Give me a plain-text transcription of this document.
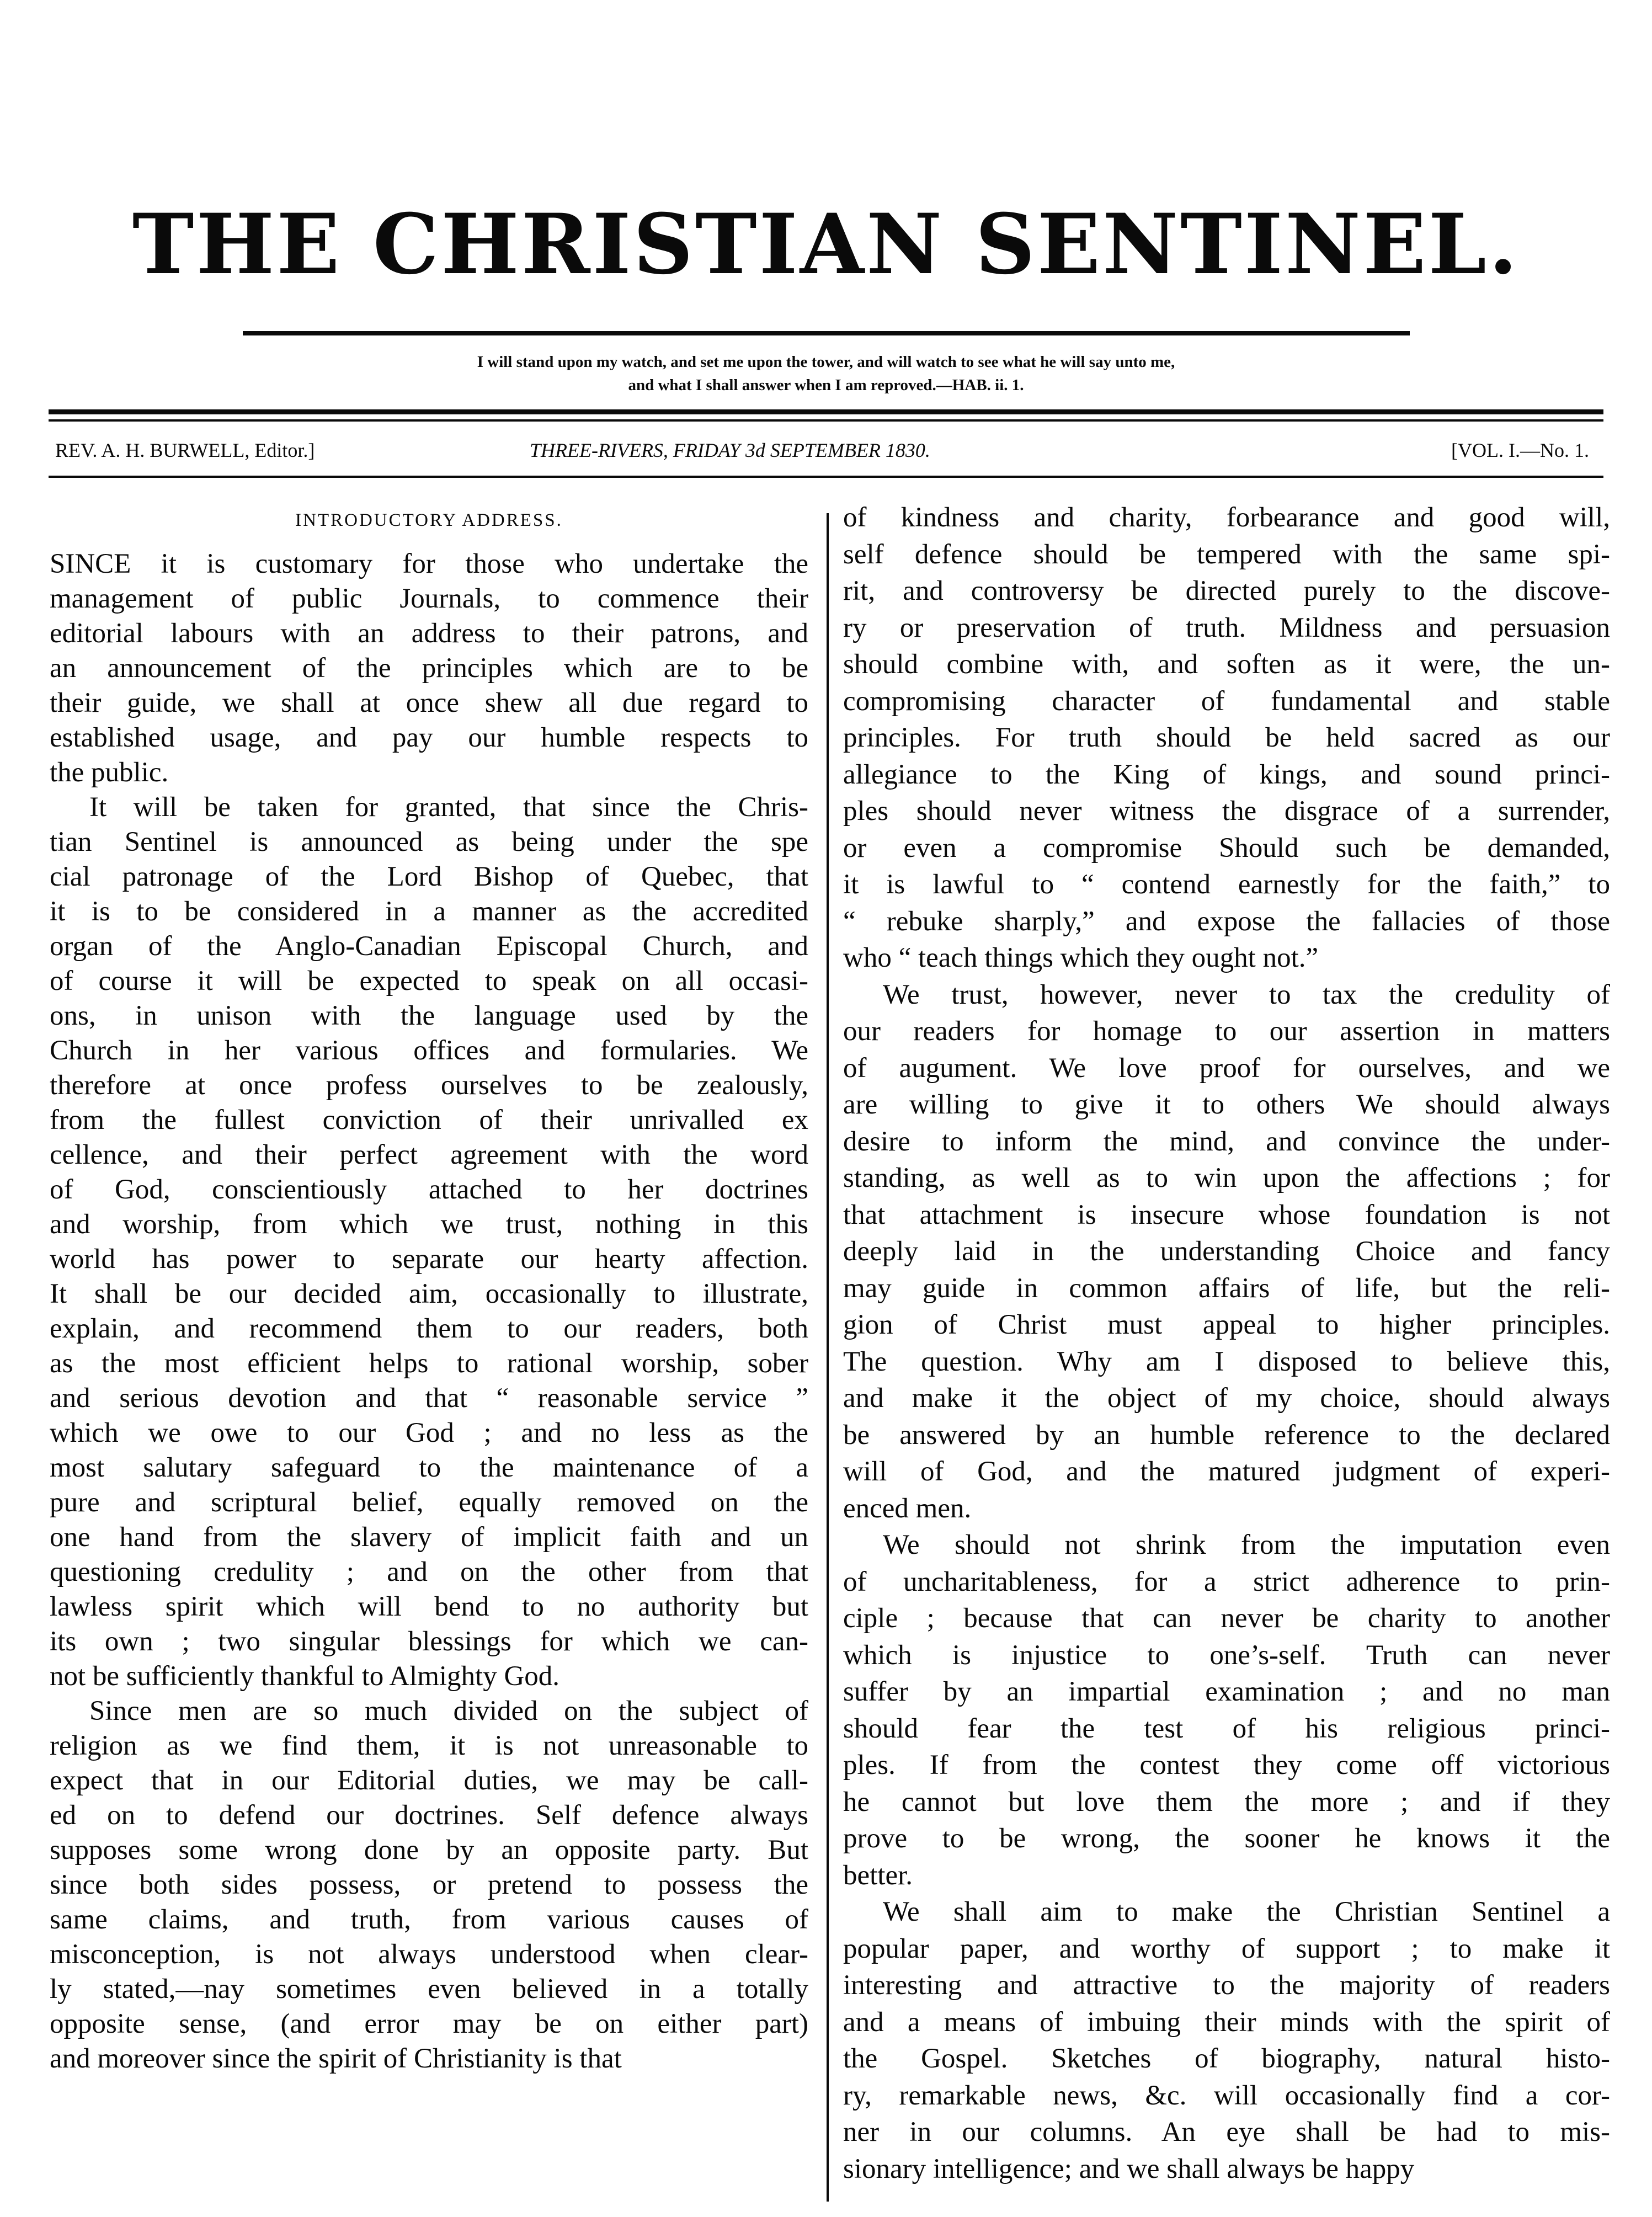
THE CHRISTIAN SENTINEL.
I will stand upon my watch, and set me upon the tower, and will watch to see what he will say unto me,
and what I shall answer when I am reproved.—HAB. ii. 1.
REV. A. H. BURWELL, Editor.]	THREE-RIVERS, FRIDAY 3d SEPTEMBER 1830.	[VOL. I.—No. 1.
INTRODUCTORY ADDRESS.
SINCE it is customary for those who undertake the
management of public Journals, to commence their
editorial labours with an address to their patrons, and
an announcement of the principles which are to be
their guide, we shall at once shew all due regard to
established usage, and pay our humble respects to
the public.
It will be taken for granted, that since the Chris-
tian Sentinel is announced as being under the spe
cial patronage of the Lord Bishop of Quebec, that
it is to be considered in a manner as the accredited
organ of the Anglo-Canadian Episcopal Church, and
of course it will be expected to speak on all occasi-
ons, in unison with the language used by the
Church in her various offices and formularies. We
therefore at once profess ourselves to be zealously,
from the fullest conviction of their unrivalled ex
cellence, and their perfect agreement with the word
of God, conscientiously attached to her doctrines
and worship, from which we trust, nothing in this
world has power to separate our hearty affection.
It shall be our decided aim, occasionally to illustrate,
explain, and recommend them to our readers, both
as the most efficient helps to rational worship, sober
and serious devotion and that “ reasonable service ”
which we owe to our God ; and no less as the
most salutary safeguard to the maintenance of a
pure and scriptural belief, equally removed on the
one hand from the slavery of implicit faith and un
questioning credulity ; and on the other from that
lawless spirit which will bend to no authority but
its own ; two singular blessings for which we can-
not be sufficiently thankful to Almighty God.
Since men are so much divided on the subject of
religion as we find them, it is not unreasonable to
expect that in our Editorial duties, we may be call-
ed on to defend our doctrines. Self defence always
supposes some wrong done by an opposite party. But
since both sides possess, or pretend to possess the
same claims, and truth, from various causes of
misconception, is not always understood when clear-
ly stated,—nay sometimes even believed in a totally
opposite sense, (and error may be on either part)
and moreover since the spirit of Christianity is that
of kindness and charity, forbearance and good will,
self defence should be tempered with the same spi-
rit, and controversy be directed purely to the discove-
ry or preservation of truth. Mildness and persuasion
should combine with, and soften as it were, the un-
compromising character of fundamental and stable
principles. For truth should be held sacred as our
allegiance to the King of kings, and sound princi-
ples should never witness the disgrace of a surrender,
or even a compromise Should such be demanded,
it is lawful to “ contend earnestly for the faith,” to
“ rebuke sharply,” and expose the fallacies of those
who “ teach things which they ought not.”
We trust, however, never to tax the credulity of
our readers for homage to our assertion in matters
of augument. We love proof for ourselves, and we
are willing to give it to others We should always
desire to inform the mind, and convince the under-
standing, as well as to win upon the affections ; for
that attachment is insecure whose foundation is not
deeply laid in the understanding Choice and fancy
may guide in common affairs of life, but the reli-
gion of Christ must appeal to higher principles.
The question. Why am I disposed to believe this,
and make it the object of my choice, should always
be answered by an humble reference to the declared
will of God, and the matured judgment of experi-
enced men.
We should not shrink from the imputation even
of uncharitableness, for a strict adherence to prin-
ciple ; because that can never be charity to another
which is injustice to one’s-self. Truth can never
suffer by an impartial examination ; and no man
should fear the test of his religious princi-
ples. If from the contest they come off victorious
he cannot but love them the more ; and if they
prove to be wrong, the sooner he knows it the
better.
We shall aim to make the Christian Sentinel a
popular paper, and worthy of support ; to make it
interesting and attractive to the majority of readers
and a means of imbuing their minds with the spirit of
the Gospel. Sketches of biography, natural histo-
ry, remarkable news, &c. will occasionally find a cor-
ner in our columns. An eye shall be had to mis-
sionary intelligence; and we shall always be happy
